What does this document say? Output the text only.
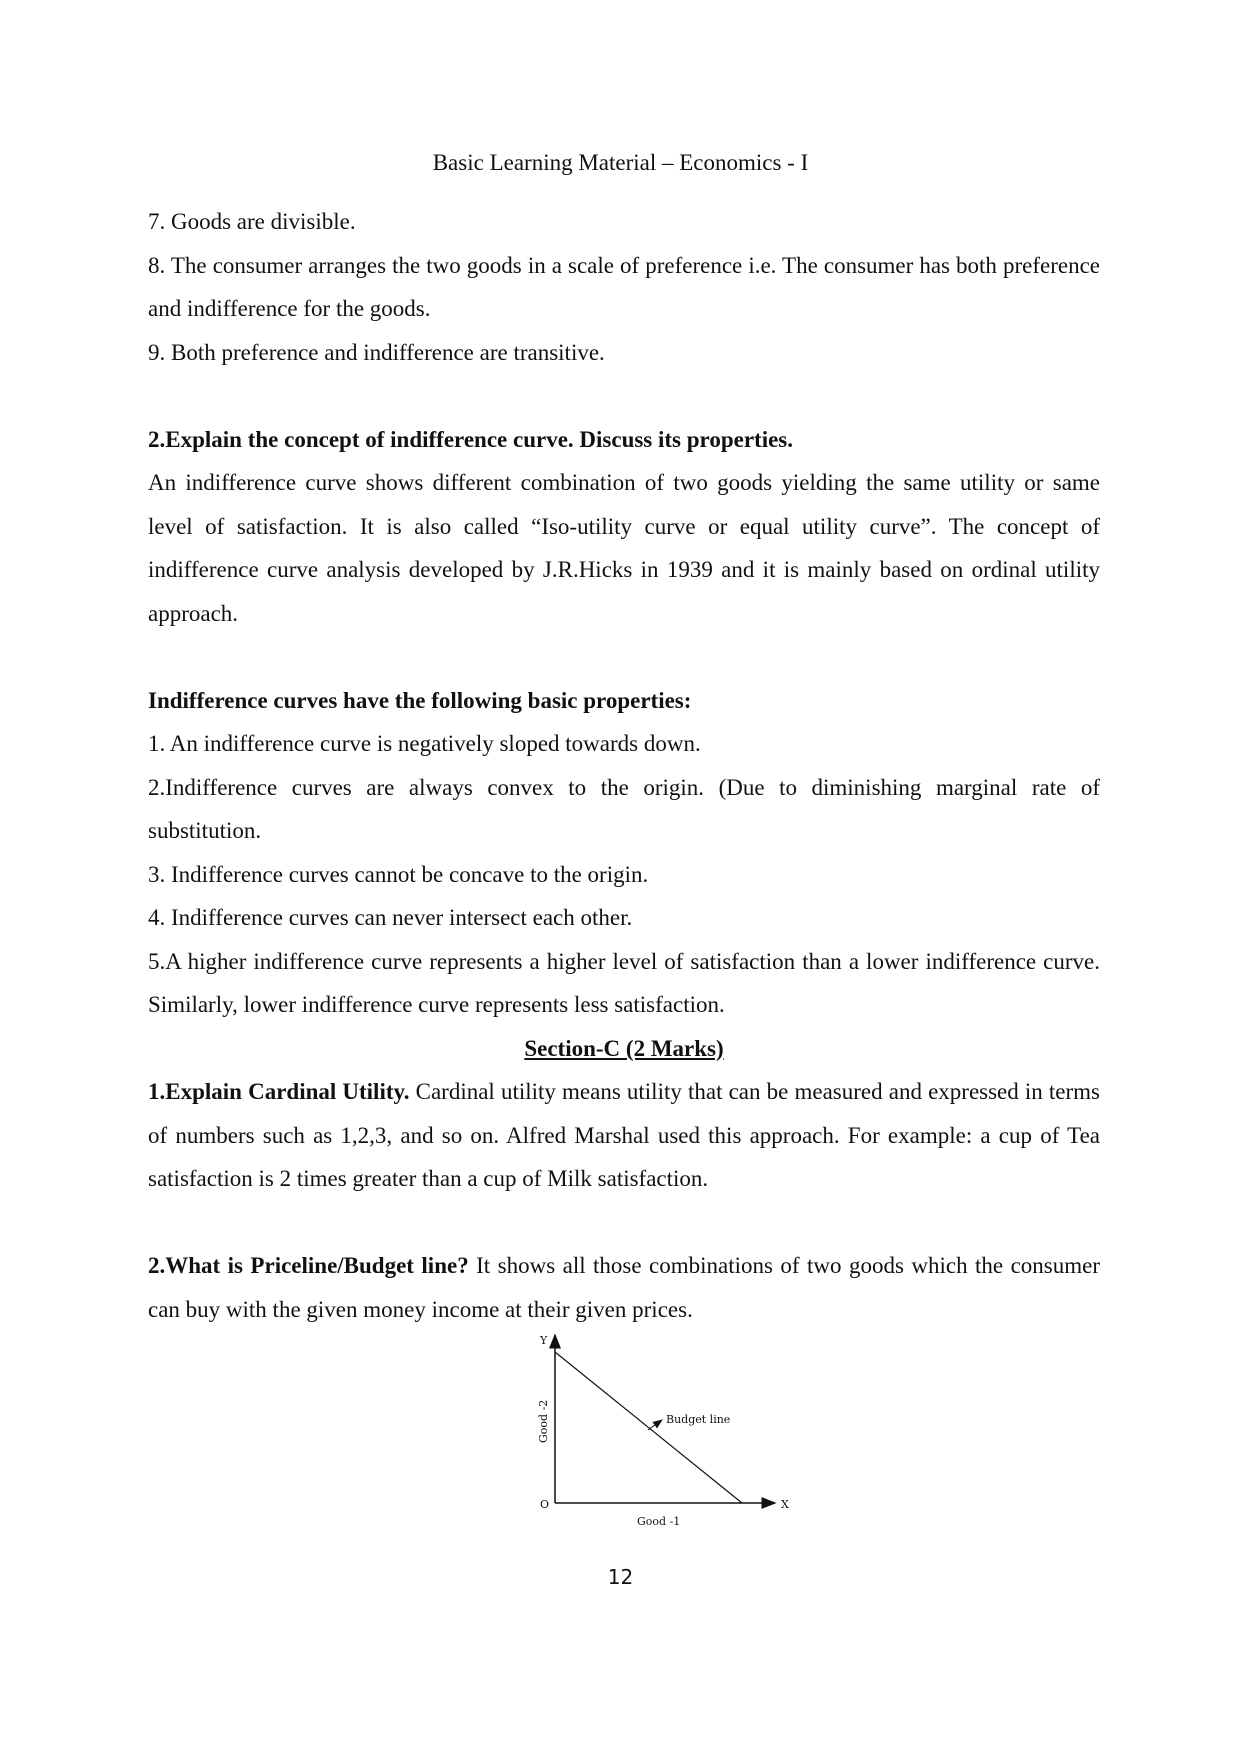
Basic Learning Material – Economics - I

7. Goods are divisible.

8. The consumer arranges the two goods in a scale of preference i.e. The consumer has both preference and indifference for the goods.

9. Both preference and indifference are transitive.

2.Explain the concept of indifference curve. Discuss its properties.

An indifference curve shows different combination of two goods yielding the same utility or same level of satisfaction. It is also called “Iso-utility curve or equal utility curve”. The concept of indifference curve analysis developed by J.R.Hicks in 1939 and it is mainly based on ordinal utility approach.

Indifference curves have the following basic properties:

1. An indifference curve is negatively sloped towards down.

2.Indifference curves are always convex to the origin. (Due to diminishing marginal rate of substitution.

3. Indifference curves cannot be concave to the origin.

4. Indifference curves can never intersect each other.

5.A higher indifference curve represents a higher level of satisfaction than a lower indifference curve. Similarly, lower indifference curve represents less satisfaction.

Section-C (2 Marks)

1.Explain Cardinal Utility. Cardinal utility means utility that can be measured and expressed in terms of numbers such as 1,2,3, and so on. Alfred Marshal used this approach. For example: a cup of Tea satisfaction is 2 times greater than a cup of Milk satisfaction.

2.What is Priceline/Budget line? It shows all those combinations of two goods which the consumer can buy with the given money income at their given prices.

Y
X
O
Good -2
Good -1
Budget line
12
